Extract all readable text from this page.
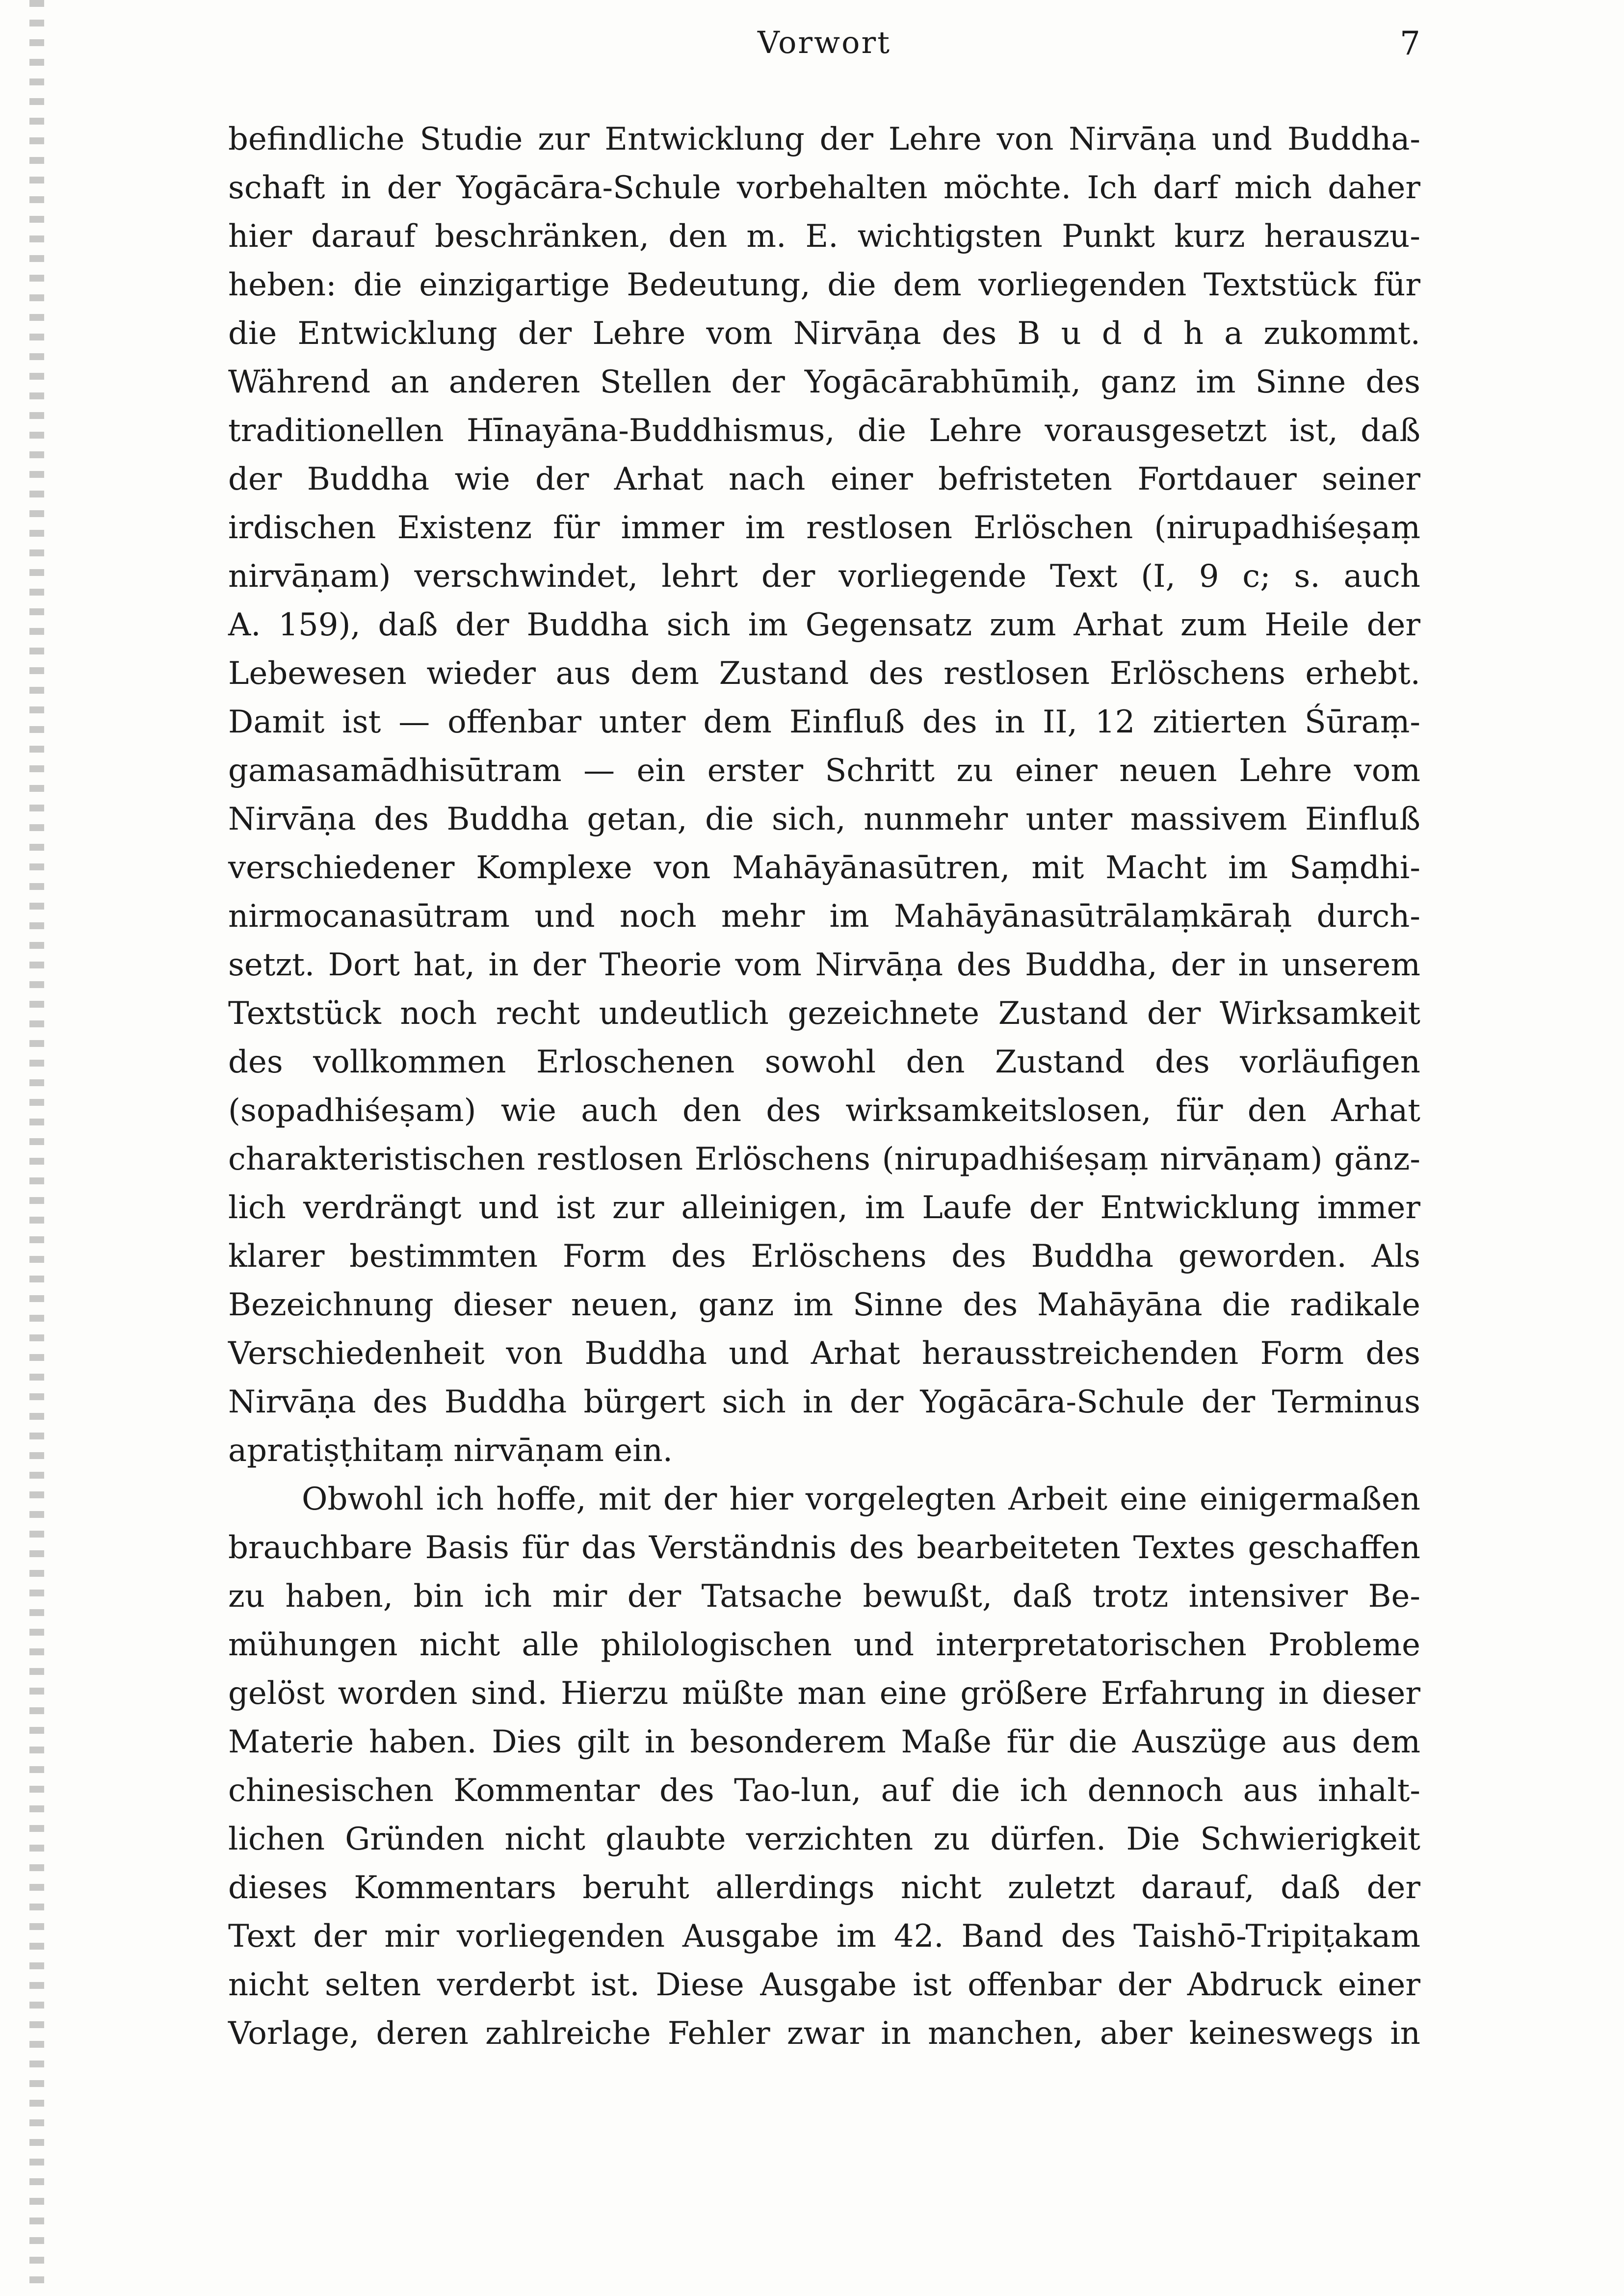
Vorwort	7
befindliche Studie zur Entwicklung der Lehre von Nirvāṇa und Buddha-
schaft in der Yogācāra-Schule vorbehalten möchte. Ich darf mich daher
hier darauf beschränken, den m. E. wichtigsten Punkt kurz herauszu-
heben: die einzigartige Bedeutung, die dem vorliegenden Textstück für
die Entwicklung der Lehre vom Nirvāṇa des B u d d h a zukommt.
Während an anderen Stellen der Yogācārabhūmiḥ, ganz im Sinne des
traditionellen Hīnayāna-Buddhismus, die Lehre vorausgesetzt ist, daß
der Buddha wie der Arhat nach einer befristeten Fortdauer seiner
irdischen Existenz für immer im restlosen Erlöschen (nirupadhiśeṣaṃ
nirvāṇam) verschwindet, lehrt der vorliegende Text (I, 9 c; s. auch
A. 159), daß der Buddha sich im Gegensatz zum Arhat zum Heile der
Lebewesen wieder aus dem Zustand des restlosen Erlöschens erhebt.
Damit ist — offenbar unter dem Einfluß des in II, 12 zitierten Śūraṃ-
gamasamādhisūtram — ein erster Schritt zu einer neuen Lehre vom
Nirvāṇa des Buddha getan, die sich, nunmehr unter massivem Einfluß
verschiedener Komplexe von Mahāyānasūtren, mit Macht im Saṃdhi-
nirmocanasūtram und noch mehr im Mahāyānasūtrālaṃkāraḥ durch-
setzt. Dort hat, in der Theorie vom Nirvāṇa des Buddha, der in unserem
Textstück noch recht undeutlich gezeichnete Zustand der Wirksamkeit
des vollkommen Erloschenen sowohl den Zustand des vorläufigen
(sopadhiśeṣam) wie auch den des wirksamkeitslosen, für den Arhat
charakteristischen restlosen Erlöschens (nirupadhiśeṣaṃ nirvāṇam) gänz-
lich verdrängt und ist zur alleinigen, im Laufe der Entwicklung immer
klarer bestimmten Form des Erlöschens des Buddha geworden. Als
Bezeichnung dieser neuen, ganz im Sinne des Mahāyāna die radikale
Verschiedenheit von Buddha und Arhat herausstreichenden Form des
Nirvāṇa des Buddha bürgert sich in der Yogācāra-Schule der Terminus
apratiṣṭhitaṃ nirvāṇam ein.
Obwohl ich hoffe, mit der hier vorgelegten Arbeit eine einigermaßen
brauchbare Basis für das Verständnis des bearbeiteten Textes geschaffen
zu haben, bin ich mir der Tatsache bewußt, daß trotz intensiver Be-
mühungen nicht alle philologischen und interpretatorischen Probleme
gelöst worden sind. Hierzu müßte man eine größere Erfahrung in dieser
Materie haben. Dies gilt in besonderem Maße für die Auszüge aus dem
chinesischen Kommentar des Tao-lun, auf die ich dennoch aus inhalt-
lichen Gründen nicht glaubte verzichten zu dürfen. Die Schwierigkeit
dieses Kommentars beruht allerdings nicht zuletzt darauf, daß der
Text der mir vorliegenden Ausgabe im 42. Band des Taishō-Tripiṭakam
nicht selten verderbt ist. Diese Ausgabe ist offenbar der Abdruck einer
Vorlage, deren zahlreiche Fehler zwar in manchen, aber keineswegs in
